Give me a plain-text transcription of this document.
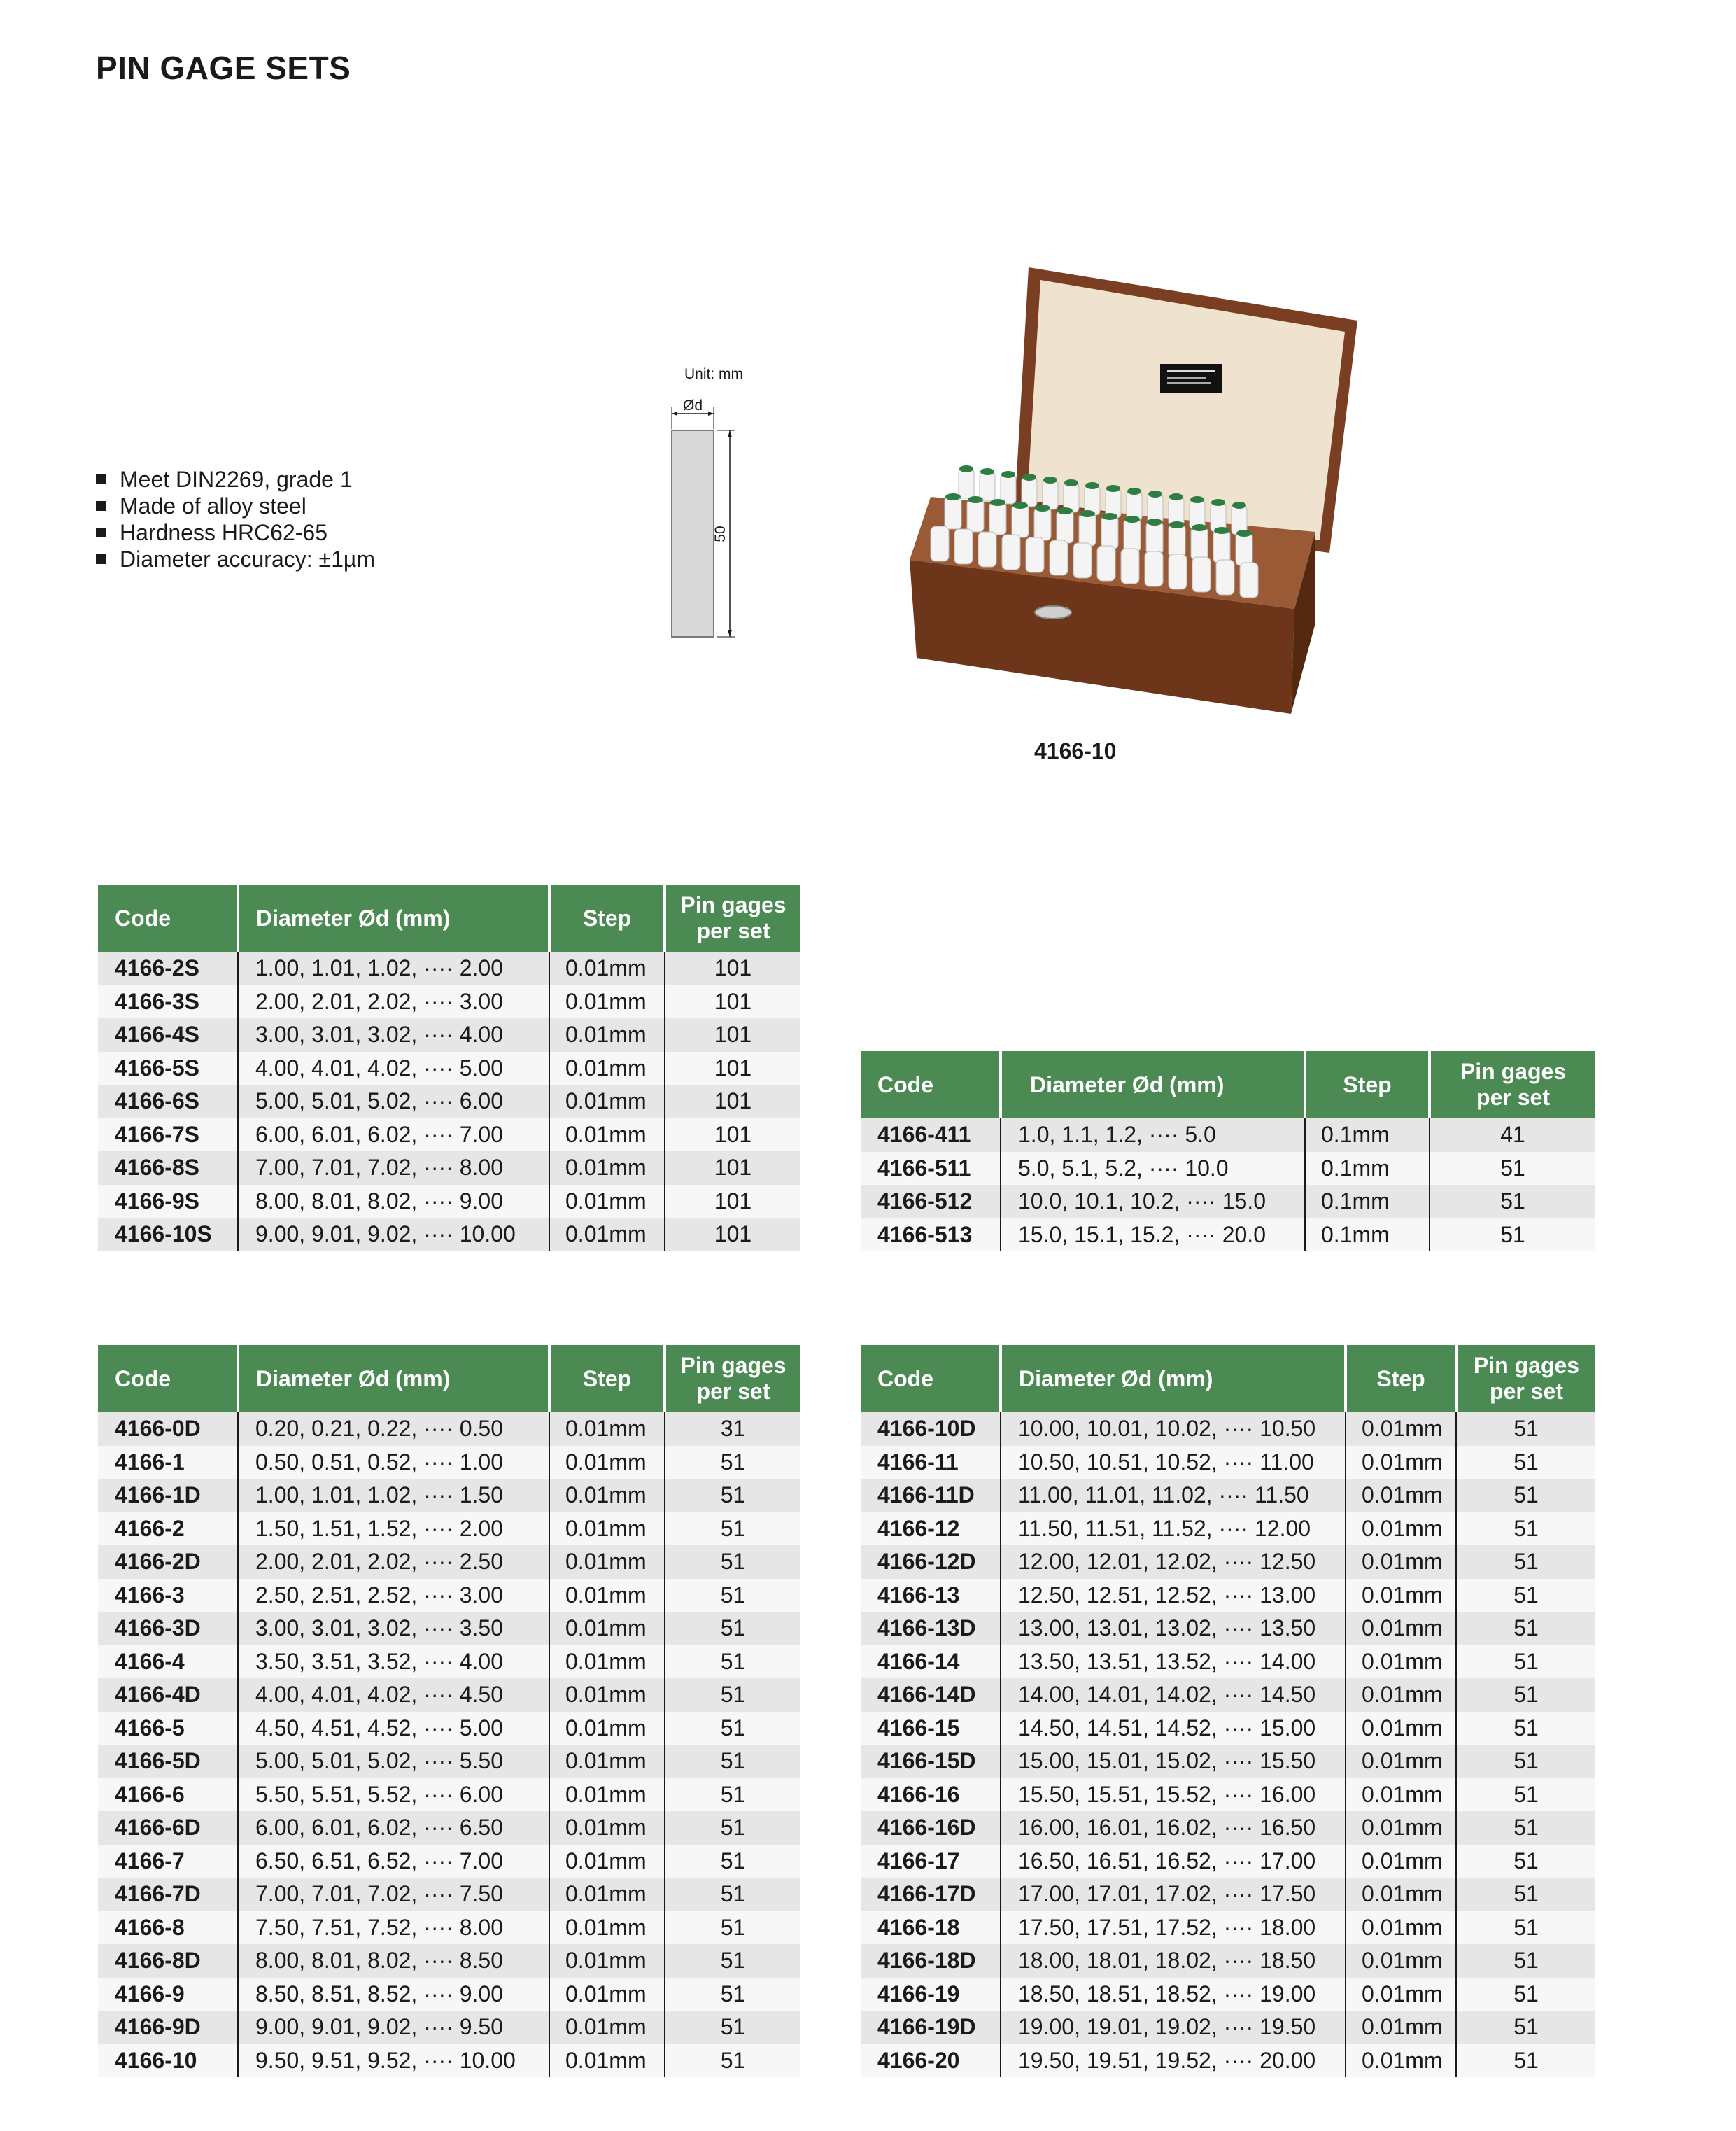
PIN GAGE SETS
Meet DIN2269, grade 1
Made of alloy steel
Hardness HRC62-65
Diameter accuracy: ±1µm
Unit: mm
Ød
50
4166-10
Code	Diameter Ød (mm)	Step	Pin gages
per set
4166-2S	1.00, 1.01, 1.02, ···· 2.00	0.01mm	101
4166-3S	2.00, 2.01, 2.02, ···· 3.00	0.01mm	101
4166-4S	3.00, 3.01, 3.02, ···· 4.00	0.01mm	101
4166-5S	4.00, 4.01, 4.02, ···· 5.00	0.01mm	101
4166-6S	5.00, 5.01, 5.02, ···· 6.00	0.01mm	101
4166-7S	6.00, 6.01, 6.02, ···· 7.00	0.01mm	101
4166-8S	7.00, 7.01, 7.02, ···· 8.00	0.01mm	101
4166-9S	8.00, 8.01, 8.02, ···· 9.00	0.01mm	101
4166-10S	9.00, 9.01, 9.02, ···· 10.00	0.01mm	101
Code	Diameter Ød (mm)	Step	Pin gages
per set
4166-411	1.0, 1.1, 1.2, ···· 5.0	0.1mm	41
4166-511	5.0, 5.1, 5.2, ···· 10.0	0.1mm	51
4166-512	10.0, 10.1, 10.2, ···· 15.0	0.1mm	51
4166-513	15.0, 15.1, 15.2, ···· 20.0	0.1mm	51
Code	Diameter Ød (mm)	Step	Pin gages
per set
4166-0D	0.20, 0.21, 0.22, ···· 0.50	0.01mm	31
4166-1	0.50, 0.51, 0.52, ···· 1.00	0.01mm	51
4166-1D	1.00, 1.01, 1.02, ···· 1.50	0.01mm	51
4166-2	1.50, 1.51, 1.52, ···· 2.00	0.01mm	51
4166-2D	2.00, 2.01, 2.02, ···· 2.50	0.01mm	51
4166-3	2.50, 2.51, 2.52, ···· 3.00	0.01mm	51
4166-3D	3.00, 3.01, 3.02, ···· 3.50	0.01mm	51
4166-4	3.50, 3.51, 3.52, ···· 4.00	0.01mm	51
4166-4D	4.00, 4.01, 4.02, ···· 4.50	0.01mm	51
4166-5	4.50, 4.51, 4.52, ···· 5.00	0.01mm	51
4166-5D	5.00, 5.01, 5.02, ···· 5.50	0.01mm	51
4166-6	5.50, 5.51, 5.52, ···· 6.00	0.01mm	51
4166-6D	6.00, 6.01, 6.02, ···· 6.50	0.01mm	51
4166-7	6.50, 6.51, 6.52, ···· 7.00	0.01mm	51
4166-7D	7.00, 7.01, 7.02, ···· 7.50	0.01mm	51
4166-8	7.50, 7.51, 7.52, ···· 8.00	0.01mm	51
4166-8D	8.00, 8.01, 8.02, ···· 8.50	0.01mm	51
4166-9	8.50, 8.51, 8.52, ···· 9.00	0.01mm	51
4166-9D	9.00, 9.01, 9.02, ···· 9.50	0.01mm	51
4166-10	9.50, 9.51, 9.52, ···· 10.00	0.01mm	51
Code	Diameter Ød (mm)	Step	Pin gages
per set
4166-10D	10.00, 10.01, 10.02, ···· 10.50	0.01mm	51
4166-11	10.50, 10.51, 10.52, ···· 11.00	0.01mm	51
4166-11D	11.00, 11.01, 11.02, ···· 11.50	0.01mm	51
4166-12	11.50, 11.51, 11.52, ···· 12.00	0.01mm	51
4166-12D	12.00, 12.01, 12.02, ···· 12.50	0.01mm	51
4166-13	12.50, 12.51, 12.52, ···· 13.00	0.01mm	51
4166-13D	13.00, 13.01, 13.02, ···· 13.50	0.01mm	51
4166-14	13.50, 13.51, 13.52, ···· 14.00	0.01mm	51
4166-14D	14.00, 14.01, 14.02, ···· 14.50	0.01mm	51
4166-15	14.50, 14.51, 14.52, ···· 15.00	0.01mm	51
4166-15D	15.00, 15.01, 15.02, ···· 15.50	0.01mm	51
4166-16	15.50, 15.51, 15.52, ···· 16.00	0.01mm	51
4166-16D	16.00, 16.01, 16.02, ···· 16.50	0.01mm	51
4166-17	16.50, 16.51, 16.52, ···· 17.00	0.01mm	51
4166-17D	17.00, 17.01, 17.02, ···· 17.50	0.01mm	51
4166-18	17.50, 17.51, 17.52, ···· 18.00	0.01mm	51
4166-18D	18.00, 18.01, 18.02, ···· 18.50	0.01mm	51
4166-19	18.50, 18.51, 18.52, ···· 19.00	0.01mm	51
4166-19D	19.00, 19.01, 19.02, ···· 19.50	0.01mm	51
4166-20	19.50, 19.51, 19.52, ···· 20.00	0.01mm	51
